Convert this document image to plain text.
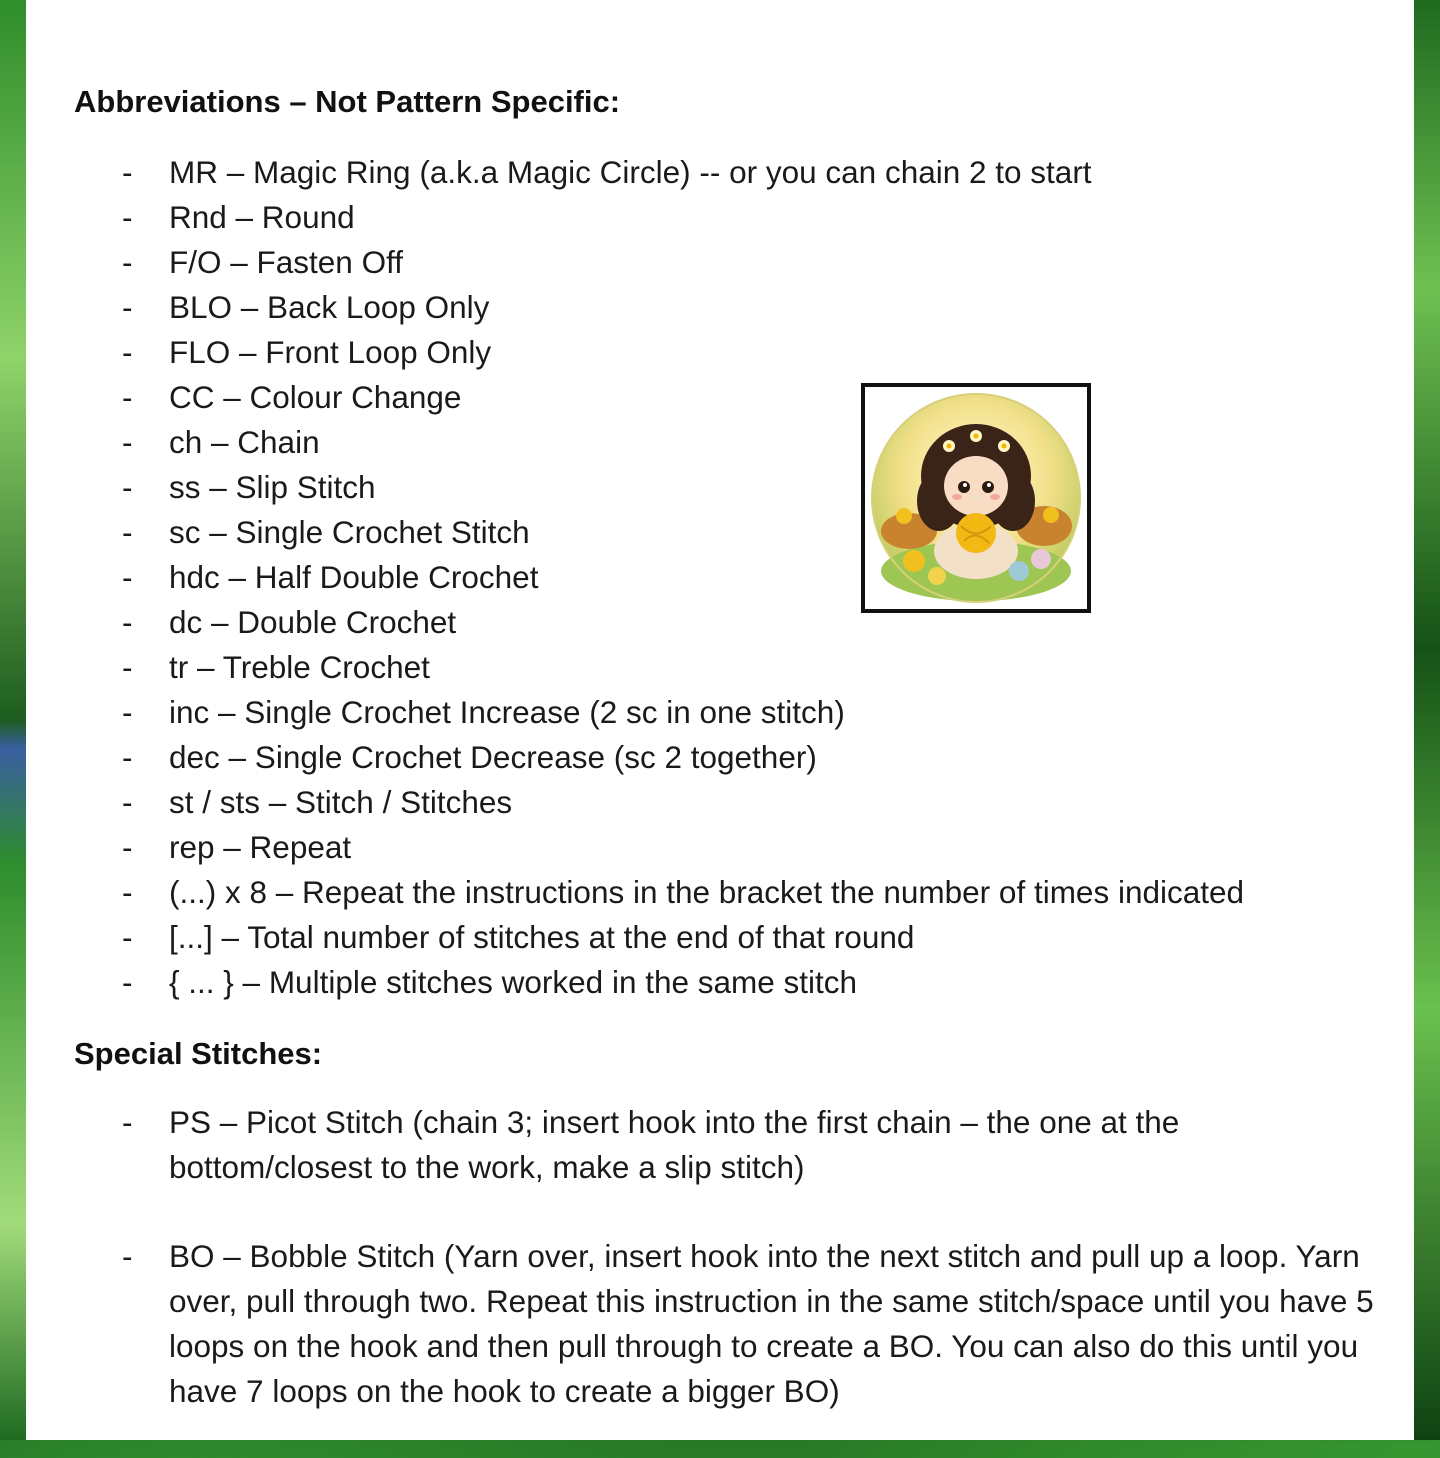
Abbreviations – Not Pattern Specific:
- MR – Magic Ring (a.k.a Magic Circle) -- or you can chain 2 to start
- Rnd – Round
- F/O – Fasten Off
- BLO – Back Loop Only
- FLO – Front Loop Only
- CC – Colour Change
- ch – Chain
- ss – Slip Stitch
- sc – Single Crochet Stitch
- hdc – Half Double Crochet
- dc – Double Crochet
- tr – Treble Crochet
- inc – Single Crochet Increase (2 sc in one stitch)
- dec – Single Crochet Decrease (sc 2 together)
- st / sts – Stitch / Stitches
- rep – Repeat
- (...) x 8 – Repeat the instructions in the bracket the number of times indicated
- [...] – Total number of stitches at the end of that round
- { ... } – Multiple stitches worked in the same stitch
Special Stitches:
- PS – Picot Stitch (chain 3; insert hook into the first chain – the one at the bottom/closest to the work, make a slip stitch)
- BO – Bobble Stitch (Yarn over, insert hook into the next stitch and pull up a loop. Yarn over, pull through two. Repeat this instruction in the same stitch/space until you have 5 loops on the hook and then pull through to create a BO. You can also do this until you have 7 loops on the hook to create a bigger BO)
